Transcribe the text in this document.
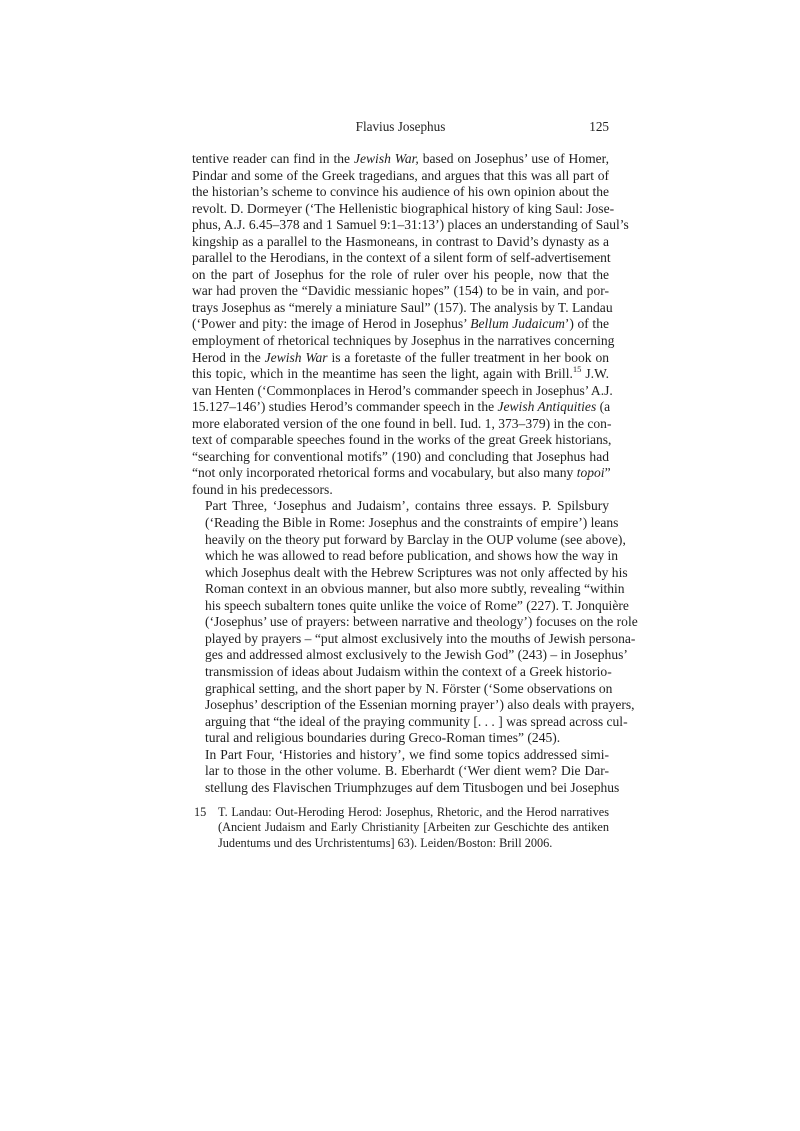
Flavius Josephus	125

tentive reader can find in the Jewish War, based on Josephus’ use of Homer,
Pindar and some of the Greek tragedians, and argues that this was all part of
the historian’s scheme to convince his audience of his own opinion about the
revolt. D. Dormeyer (‘The Hellenistic biographical history of king Saul: Jose-
phus, A.J. 6.45–378 and 1 Samuel 9:1–31:13’) places an understanding of Saul’s
kingship as a parallel to the Hasmoneans, in contrast to David’s dynasty as a
parallel to the Herodians, in the context of a silent form of self-advertisement
on the part of Josephus for the role of ruler over his people, now that the
war had proven the “Davidic messianic hopes” (154) to be in vain, and por-
trays Josephus as “merely a miniature Saul” (157). The analysis by T. Landau
(‘Power and pity: the image of Herod in Josephus’ Bellum Judaicum’) of the
employment of rhetorical techniques by Josephus in the narratives concerning
Herod in the Jewish War is a foretaste of the fuller treatment in her book on
this topic, which in the meantime has seen the light, again with Brill.$^{15}$ J.W.
van Henten (‘Commonplaces in Herod’s commander speech in Josephus’ A.J.
15.127–146’) studies Herod’s commander speech in the Jewish Antiquities (a
more elaborated version of the one found in bell. Iud. 1, 373–379) in the con-
text of comparable speeches found in the works of the great Greek historians,
“searching for conventional motifs” (190) and concluding that Josephus had
“not only incorporated rhetorical forms and vocabulary, but also many topoi”
found in his predecessors.

Part Three, ‘Josephus and Judaism’, contains three essays. P. Spilsbury
(‘Reading the Bible in Rome: Josephus and the constraints of empire’) leans
heavily on the theory put forward by Barclay in the OUP volume (see above),
which he was allowed to read before publication, and shows how the way in
which Josephus dealt with the Hebrew Scriptures was not only affected by his
Roman context in an obvious manner, but also more subtly, revealing “within
his speech subaltern tones quite unlike the voice of Rome” (227). T. Jonquière
(‘Josephus’ use of prayers: between narrative and theology’) focuses on the role
played by prayers – “put almost exclusively into the mouths of Jewish persona-
ges and addressed almost exclusively to the Jewish God” (243) – in Josephus’
transmission of ideas about Judaism within the context of a Greek historio-
graphical setting, and the short paper by N. Förster (‘Some observations on
Josephus’ description of the Essenian morning prayer’) also deals with prayers,
arguing that “the ideal of the praying community [. . . ] was spread across cul-
tural and religious boundaries during Greco-Roman times” (245).

In Part Four, ‘Histories and history’, we find some topics addressed simi-
lar to those in the other volume. B. Eberhardt (‘Wer dient wem? Die Dar-
stellung des Flavischen Triumphzuges auf dem Titusbogen und bei Josephus

15 T. Landau: Out-Heroding Herod: Josephus, Rhetoric, and the Herod narratives
(Ancient Judaism and Early Christianity [Arbeiten zur Geschichte des antiken
Judentums und des Urchristentums] 63). Leiden/Boston: Brill 2006.
